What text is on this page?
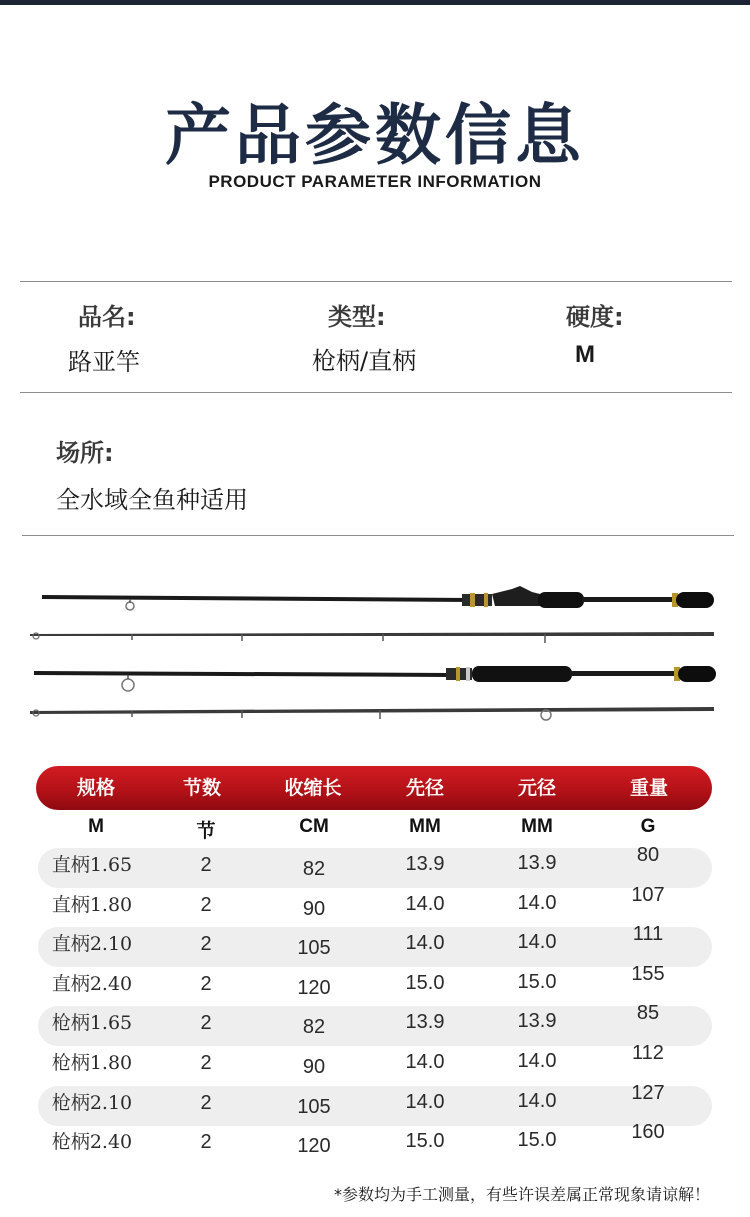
产品参数信息
PRODUCT PARAMETER INFORMATION
品名:
路亚竿
类型:
枪柄/直柄
硬度:
M
场所:
全水域全鱼种适用
规格	节数	收缩长	先径	元径	重量
M	节	CM	MM	MM	G
直柄1.65	2	82	13.9	13.9	80
直柄1.80	2	90	14.0	14.0	107
直柄2.10	2	105	14.0	14.0	111
直柄2.40	2	120	15.0	15.0	155
枪柄1.65	2	82	13.9	13.9	85
枪柄1.80	2	90	14.0	14.0	112
枪柄2.10	2	105	14.0	14.0	127
枪柄2.40	2	120	15.0	15.0	160
*参数均为手工测量，有些许误差属正常现象请谅解！
